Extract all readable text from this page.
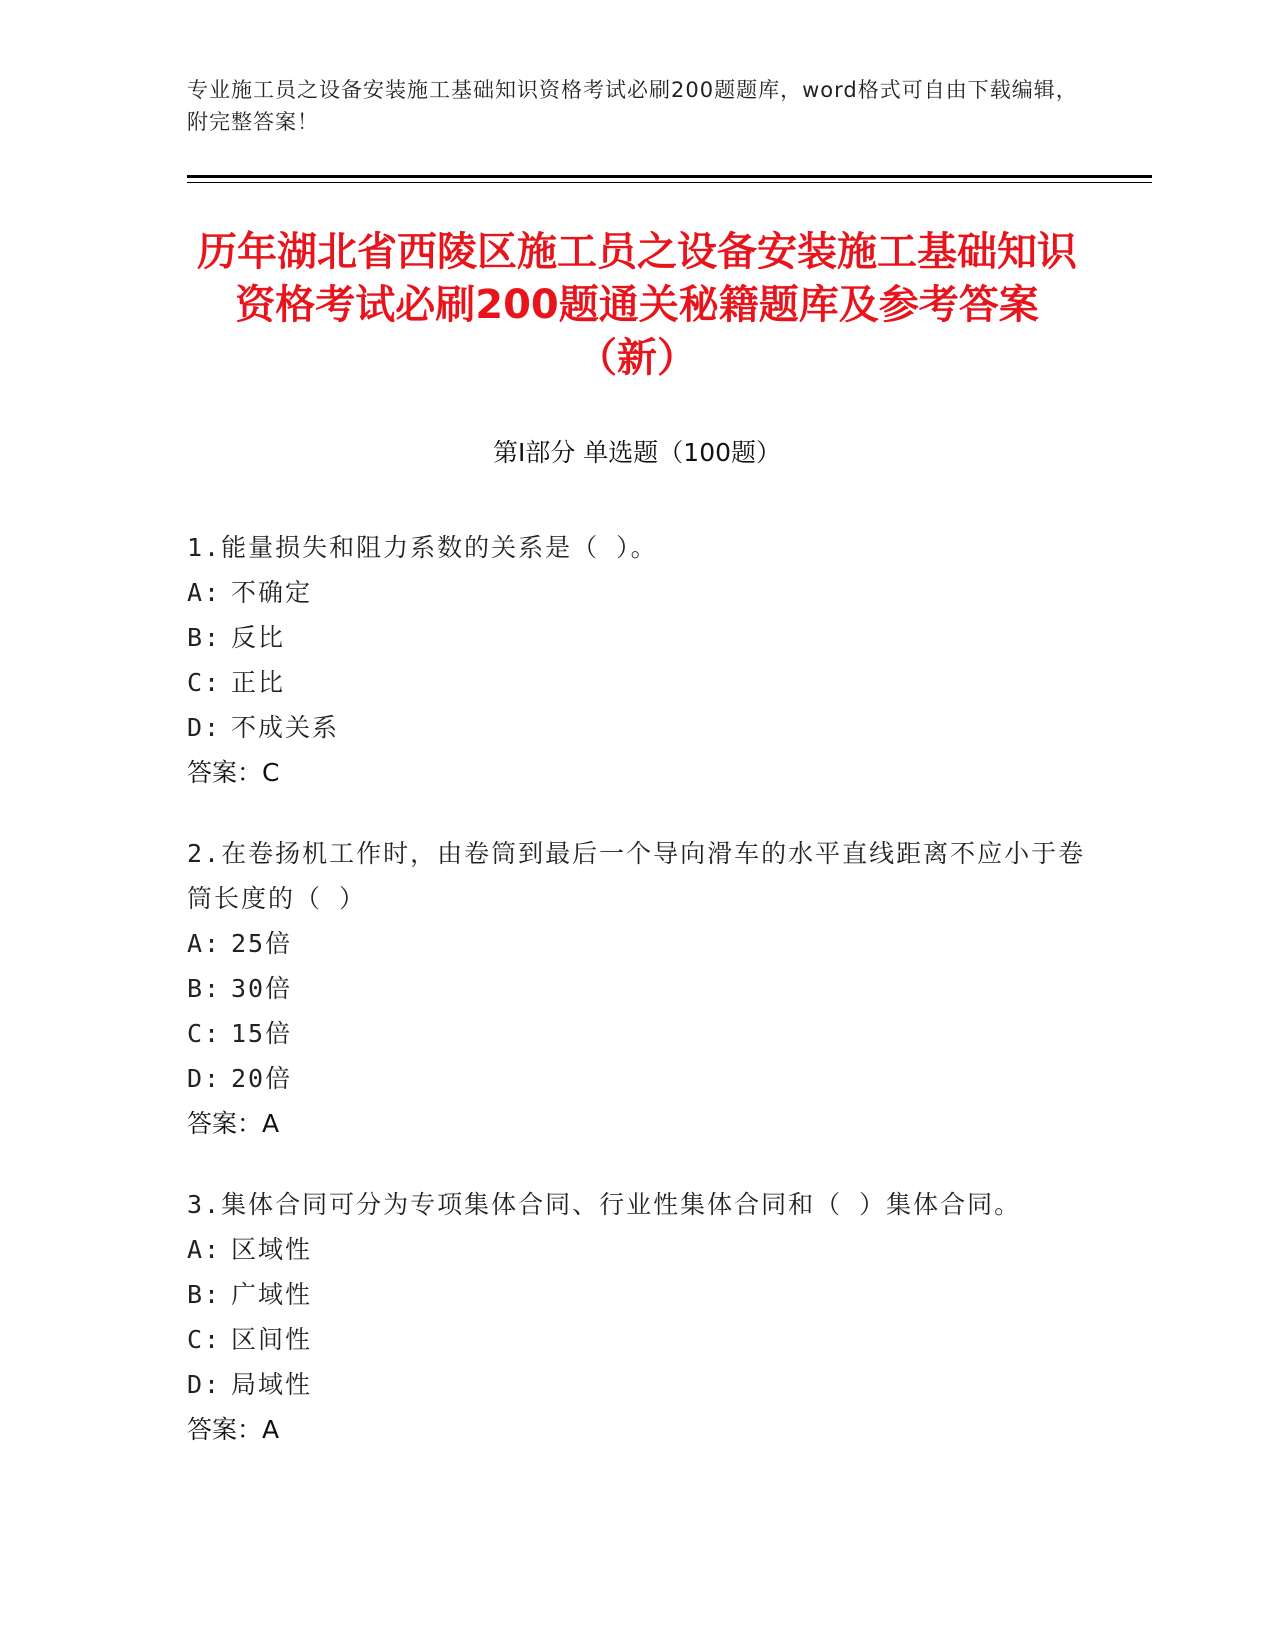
专业施工员之设备安装施工基础知识资格考试必刷200题题库，word格式可自由下载编辑，附完整答案！
历年湖北省西陵区施工员之设备安装施工基础知识资格考试必刷200题通关秘籍题库及参考答案（新）
第I部分 单选题（100题）

1.能量损失和阻力系数的关系是（ ）。

A: 不确定

B: 反比

C: 正比

D: 不成关系

答案：C

2.在卷扬机工作时，由卷筒到最后一个导向滑车的水平直线距离不应小于卷筒长度的（ ）

A: 25倍

B: 30倍

C: 15倍

D: 20倍

答案：A

3.集体合同可分为专项集体合同、行业性集体合同和（ ）集体合同。

A: 区域性

B: 广域性

C: 区间性

D: 局域性

答案：A
